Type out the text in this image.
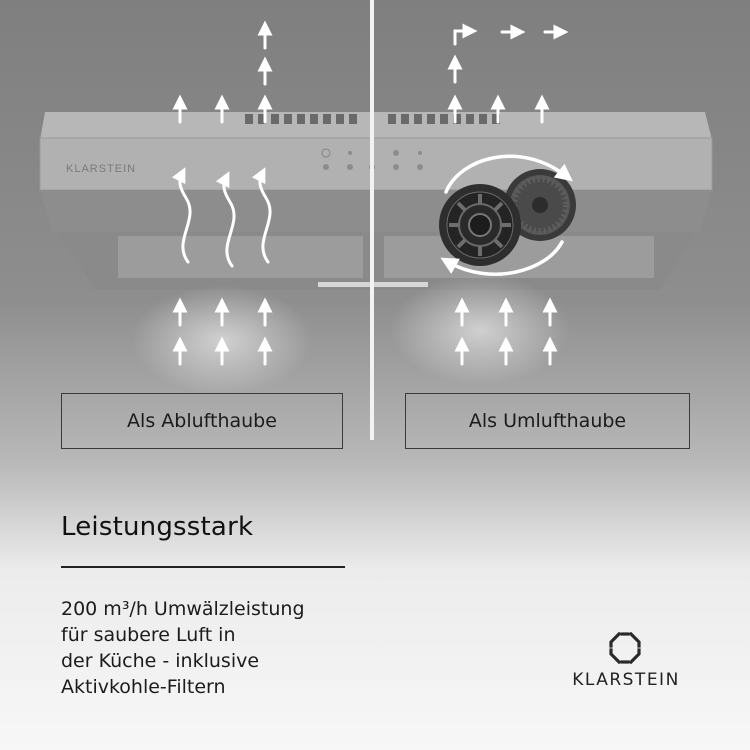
KLARSTEIN
Als Ablufthaube	Als Umlufthaube
Leistungsstark
200 m³/h Umwälzleistung
für saubere Luft in
der Küche - inklusive
Aktivkohle-Filtern	KLARSTEIN
